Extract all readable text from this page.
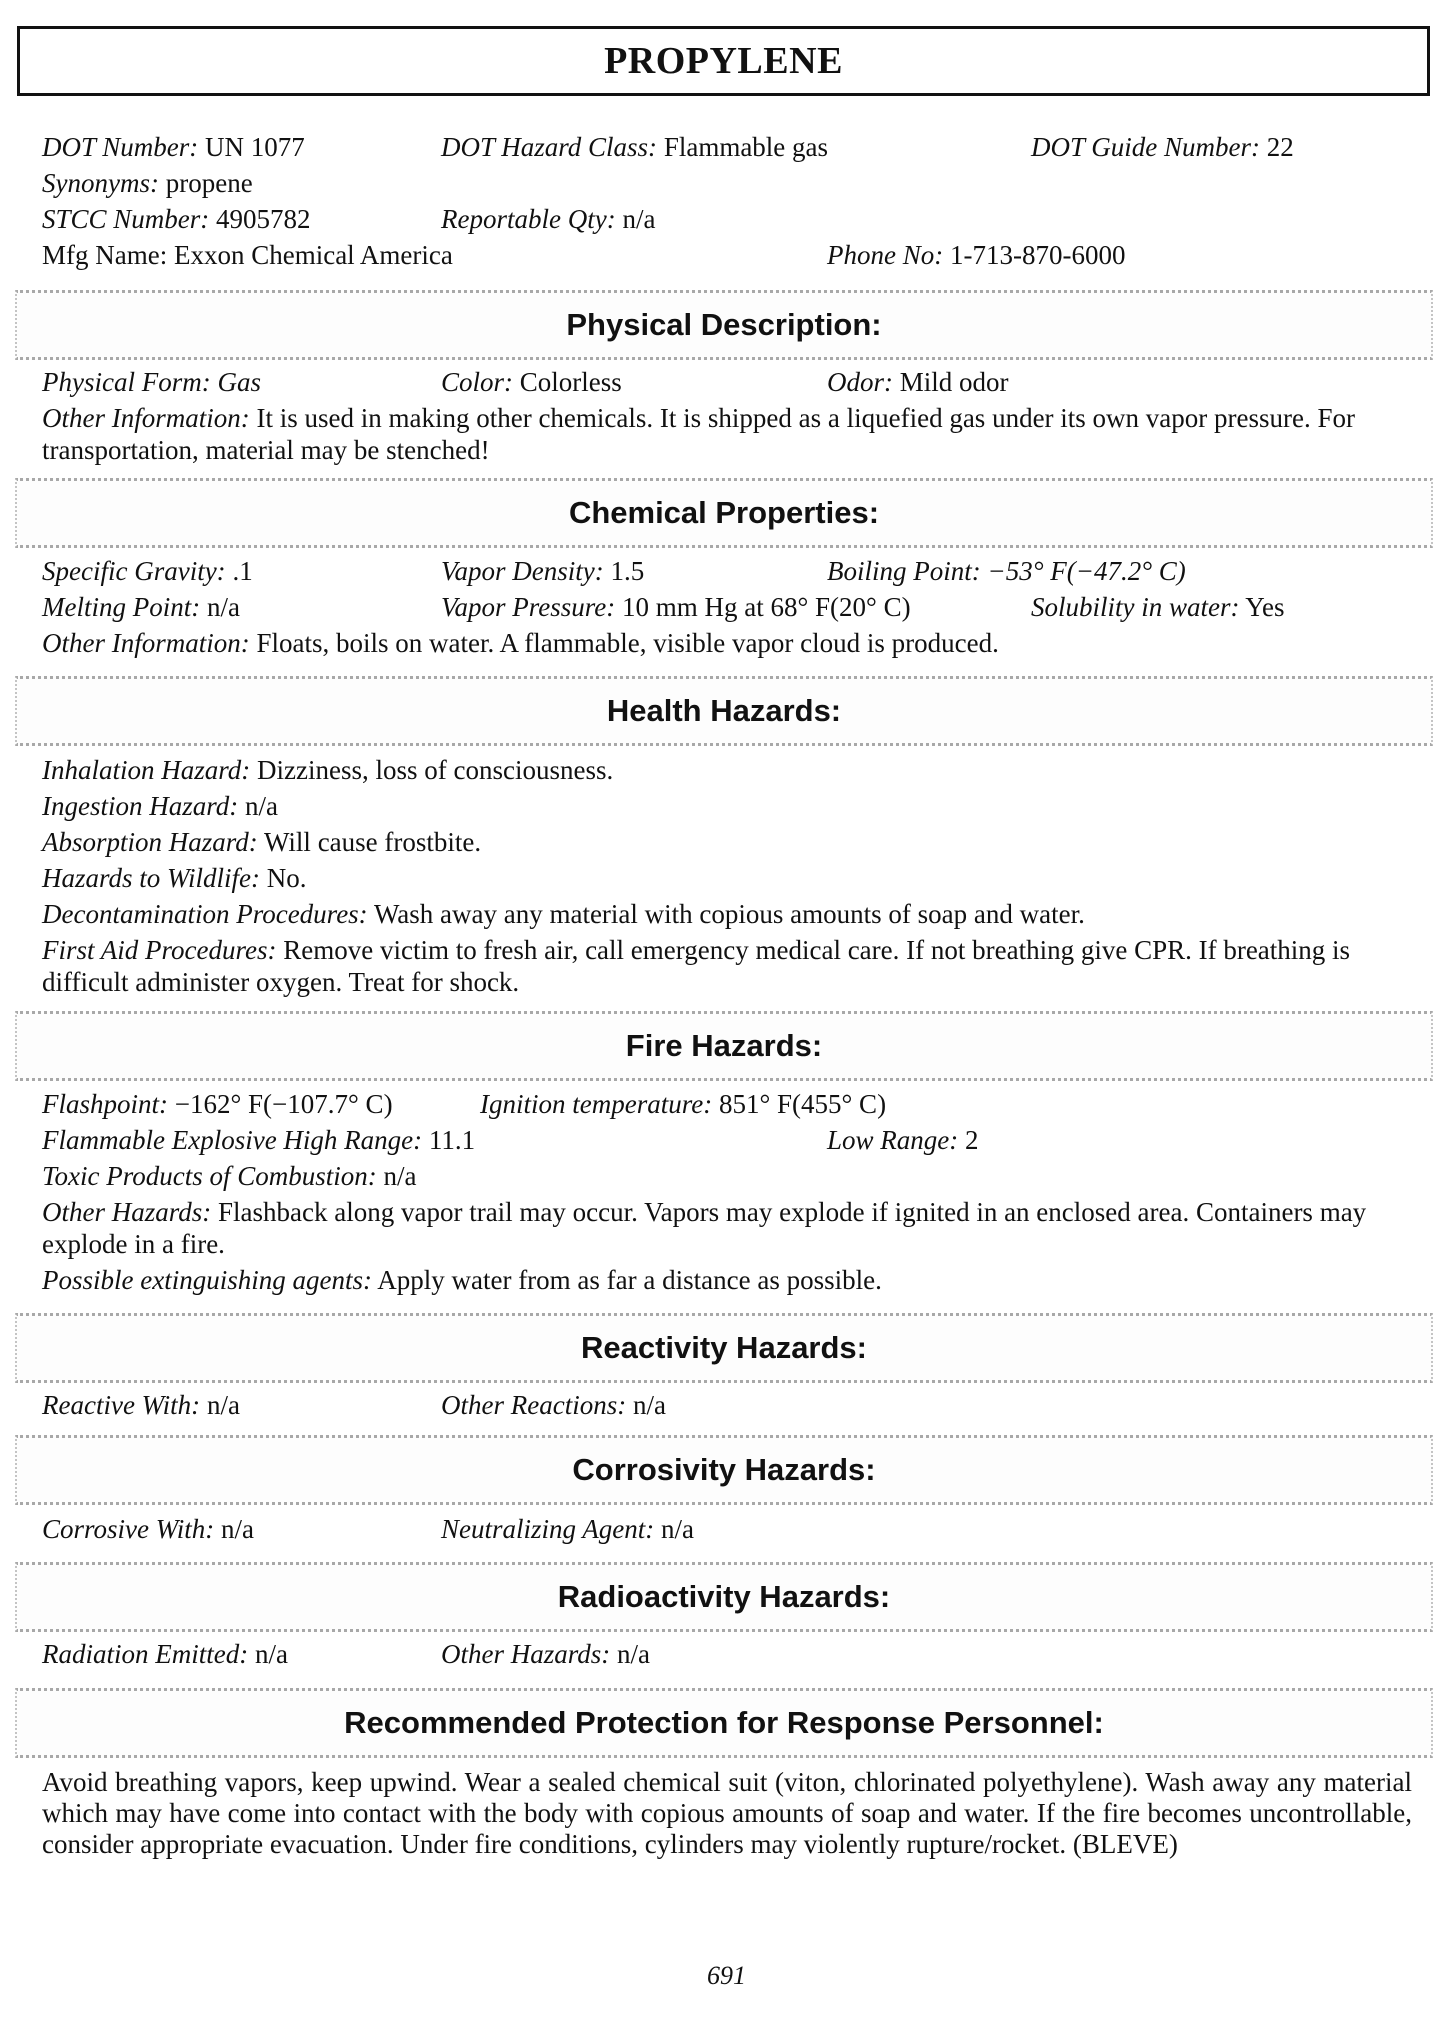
PROPYLENE
DOT Number: UN 1077	DOT Hazard Class: Flammable gas	DOT Guide Number: 22
Synonyms: propene
STCC Number: 4905782	Reportable Qty: n/a
Mfg Name: Exxon Chemical America	Phone No: 1-713-870-6000
Physical Description:
Physical Form: Gas	Color: Colorless	Odor: Mild odor
Other Information: It is used in making other chemicals. It is shipped as a liquefied gas under its own vapor pressure. For transportation, material may be stenched!
Chemical Properties:
Specific Gravity: .1	Vapor Density: 1.5	Boiling Point: −53° F(−47.2° C)
Melting Point: n/a	Vapor Pressure: 10 mm Hg at 68° F(20° C)	Solubility in water: Yes
Other Information: Floats, boils on water. A flammable, visible vapor cloud is produced.
Health Hazards:
Inhalation Hazard: Dizziness, loss of consciousness.
Ingestion Hazard: n/a
Absorption Hazard: Will cause frostbite.
Hazards to Wildlife: No.
Decontamination Procedures: Wash away any material with copious amounts of soap and water.
First Aid Procedures: Remove victim to fresh air, call emergency medical care. If not breathing give CPR. If breathing is difficult administer oxygen. Treat for shock.
Fire Hazards:
Flashpoint: −162° F(−107.7° C)	Ignition temperature: 851° F(455° C)
Flammable Explosive High Range: 11.1	Low Range: 2
Toxic Products of Combustion: n/a
Other Hazards: Flashback along vapor trail may occur. Vapors may explode if ignited in an enclosed area. Containers may explode in a fire.
Possible extinguishing agents: Apply water from as far a distance as possible.
Reactivity Hazards:
Reactive With: n/a	Other Reactions: n/a
Corrosivity Hazards:
Corrosive With: n/a	Neutralizing Agent: n/a
Radioactivity Hazards:
Radiation Emitted: n/a	Other Hazards: n/a
Recommended Protection for Response Personnel:
Avoid breathing vapors, keep upwind. Wear a sealed chemical suit (viton, chlorinated polyethylene). Wash away any material which may have come into contact with the body with copious amounts of soap and water. If the fire becomes uncontrollable, consider appropriate evacuation. Under fire conditions, cylinders may violently rupture/rocket. (BLEVE)
691
